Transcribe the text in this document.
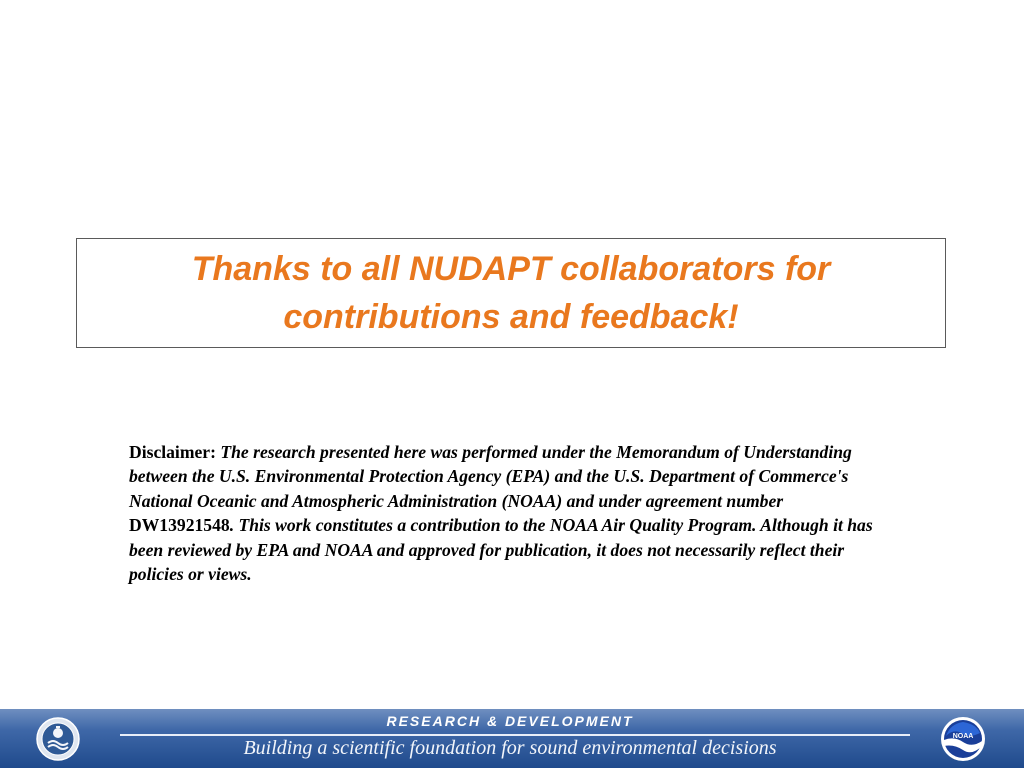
Thanks to all NUDAPT collaborators for contributions and feedback!

Disclaimer: The research presented here was performed under the Memorandum of Understanding between the U.S. Environmental Protection Agency (EPA) and the U.S. Department of Commerce's National Oceanic and Atmospheric Administration (NOAA) and under agreement number DW13921548. This work constitutes a contribution to the NOAA Air Quality Program. Although it has been reviewed by EPA and NOAA and approved for publication, it does not necessarily reflect their policies or views.

RESEARCH & DEVELOPMENT
Building a scientific foundation for sound environmental decisions
NOAA
